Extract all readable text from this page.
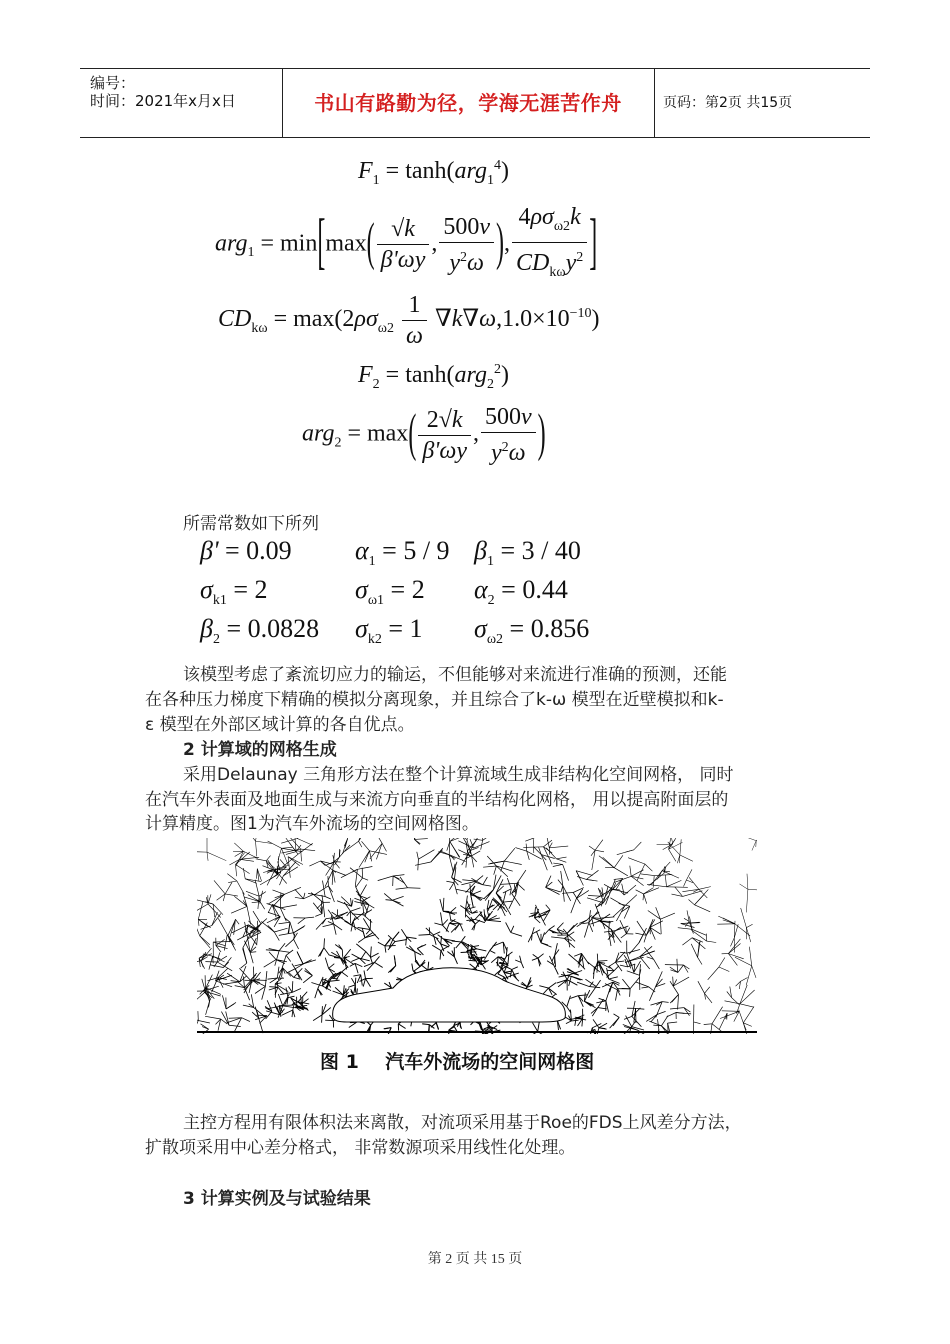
编号：
时间：2021年x月x日	书山有路勤为径，学海无涯苦作舟	页码：第2页 共15页
$F_1 = \tanh(arg_1^4)$
$arg_1 = \min[\max( \frac{√k}{\beta'\omega y}$ , $\frac{500\nu}{y^2\omega}$ ), $\frac{4\rho\sigma_{\omega 2}k}{CD_{k\omega}y^2}$ ]
$CD_{k\omega} = \max(2\rho\sigma_{\omega 2} \frac{1}{\omega} \nabla k\nabla\omega,1.0\times 10^{-10})$
$F_2 = \tanh(arg_2^2)$
$arg_2 = \max( \frac{2√k}{\beta'\omega y}$ , $\frac{500\nu}{y^2\omega}$ )
所需常数如下所列
β' = 0.09 $\alpha_1 = 5 / 9$ $\beta_1 = 3 / 40$
$\sigma_{k1} = 2$	$\sigma_{\omega 1} = 2$ $\alpha_2 = 0.44$
$\beta_2 = 0.0828$ $\sigma_{k2} = 1$ $\sigma_{\omega 2} = 0.856$
该模型考虑了紊流切应力的输运，不但能够对来流进行准确的预测，还能
在各种压力梯度下精确的模拟分离现象，并且综合了k-ω 模型在近壁模拟和k-
ε 模型在外部区域计算的各自优点。
2 计算域的网格生成
采用Delaunay 三角形方法在整个计算流域生成非结构化空间网格， 同时
在汽车外表面及地面生成与来流方向垂直的半结构化网格， 用以提高附面层的
计算精度。图1为汽车外流场的空间网格图。
图 1    汽车外流场的空间网格图
主控方程用有限体积法来离散，对流项采用基于Roe的FDS上风差分方法，
扩散项采用中心差分格式， 非常数源项采用线性化处理。
3 计算实例及与试验结果
第 2 页 共 15 页
